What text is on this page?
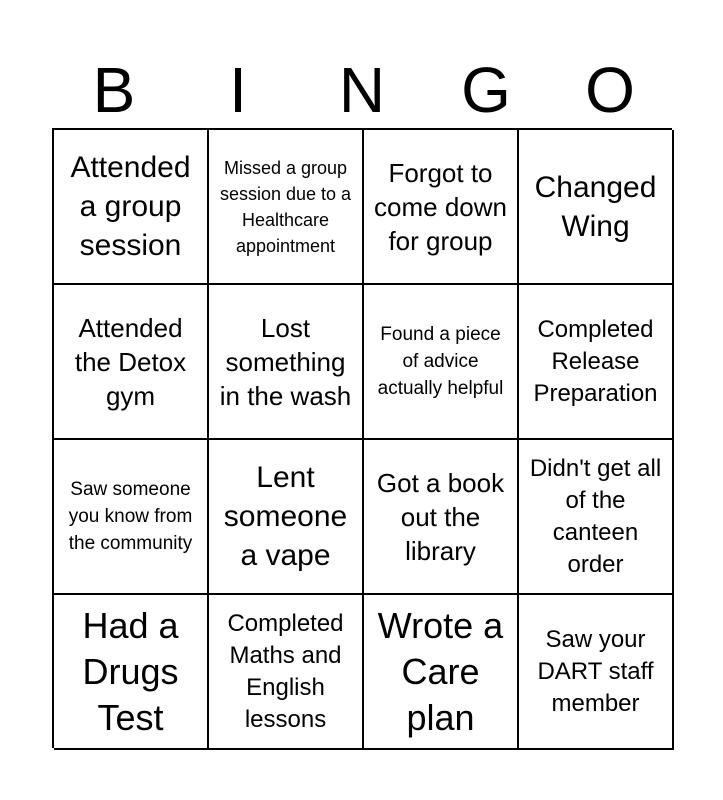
B	I	N	G	O
Attended a group session
Missed a group session due to a Healthcare appointment
Forgot to come down for group
Changed Wing
Attended the Detox gym
Lost something in the wash
Found a piece of advice actually helpful
Completed Release Preparation
Saw someone you know from the community
Lent someone a vape
Got a book out the library
Didn't get all of the canteen order
Had a Drugs Test
Completed Maths and English lessons
Wrote a Care plan
Saw your DART staff member
